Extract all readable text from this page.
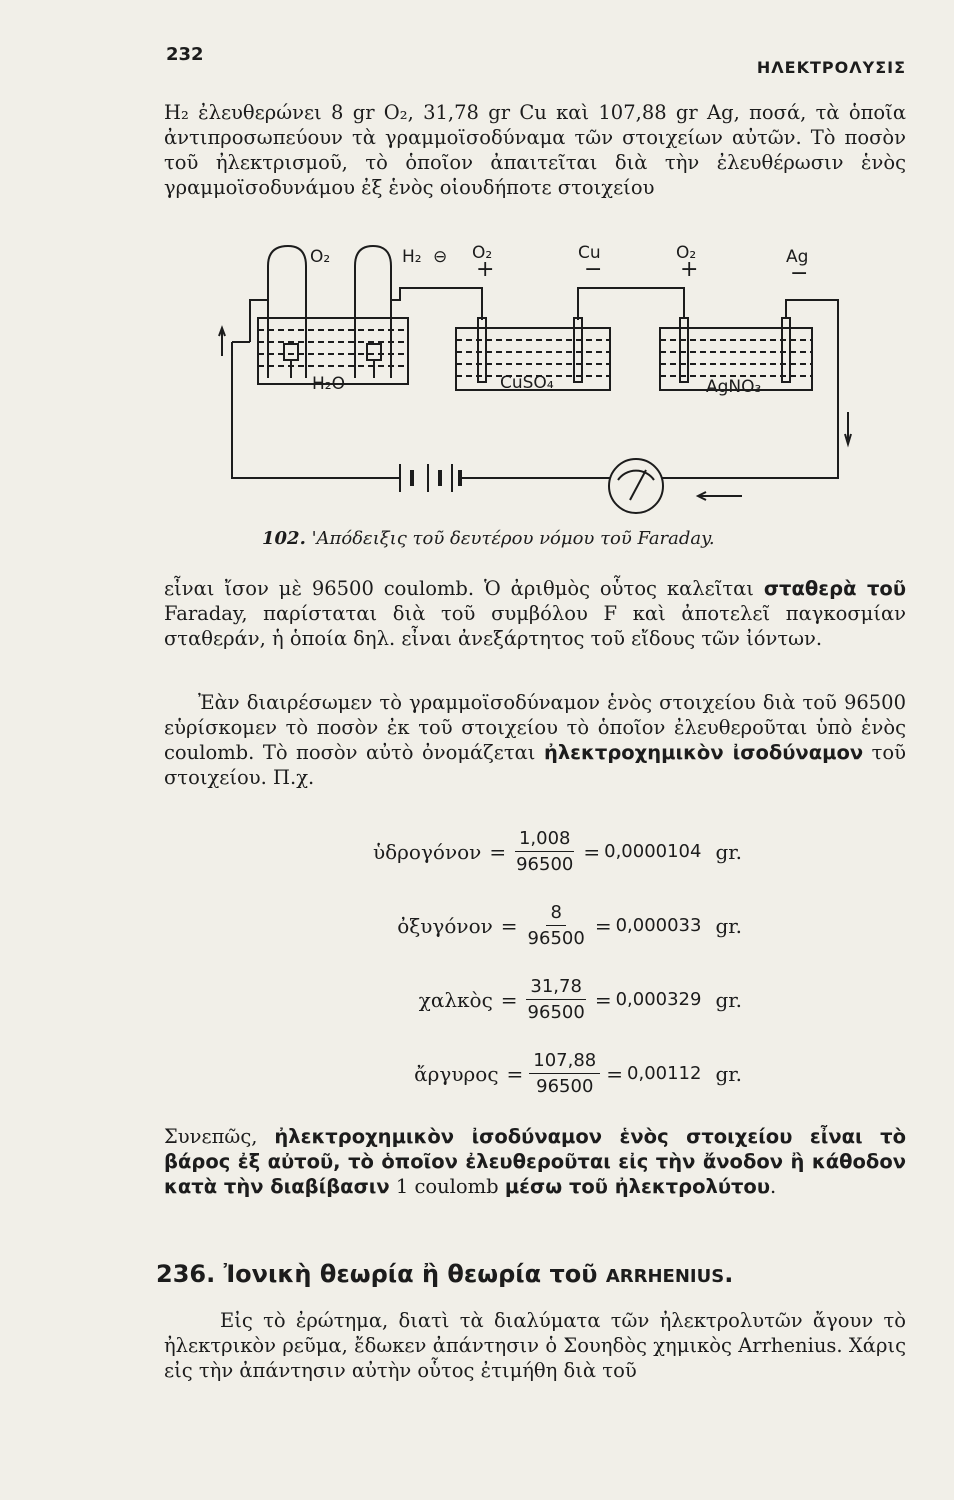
232
ΗΛΕΚΤΡΟΛΥΣΙΣ
H₂ ἐλευθερώνει 8 gr O₂, 31,78 gr Cu καὶ 107,88 gr Ag, ποσά, τὰ ὁποῖα ἀντιπροσωπεύουν τὰ γραμμοϊσοδύναμα τῶν στοιχείων αὐτῶν. Τὸ ποσὸν τοῦ ἠλεκτρισμοῦ, τὸ ὁποῖον ἀπαιτεῖται διὰ τὴν ἐλευθέρωσιν ἑνὸς γραμμοϊσοδυνάμου ἐξ ἑνὸς οἱουδήποτε στοιχείου
O₂	H₂ ⊖ O₂
+
Cu
−
O₂
+	Ag
−
H₂O	CuSO₄	AgNO₃
102. 'Απόδειξις τοῦ δευτέρου νόμου τοῦ Faraday.
εἶναι ἴσον μὲ 96500 coulomb. Ὁ ἀριθμὸς οὗτος καλεῖται σταθερὰ τοῦ Faraday, παρίσταται διὰ τοῦ συμβόλου F καὶ ἀποτελεῖ παγκοσμίαν σταθεράν, ἡ ὁποία δηλ. εἶναι ἀνεξάρτητος τοῦ εἴδους τῶν ἰόντων.
Ἐὰν διαιρέσωμεν τὸ γραμμοϊσοδύναμον ἑνὸς στοιχείου διὰ τοῦ 96500 εὑρίσκομεν τὸ ποσὸν ἐκ τοῦ στοιχείου τὸ ὁποῖον ἐλευθεροῦται ὑπὸ ἑνὸς coulomb. Τὸ ποσὸν αὐτὸ ὀνομάζεται ἠλεκτροχημικὸν ἰσοδύναμον τοῦ στοιχείου. Π.χ.
ὑδρογόνον = $\frac{1,008}{96500} = 0,0000104$ gr.
ὀξυγόνον = $\frac{8}{96500} = 0,000033$ gr.
χαλκὸς = $\frac{31,78}{96500} = 0,000329$ gr.
ἄργυρος = $\frac{107,88}{96500} = 0,00112$ gr.
Συνεπῶς, ἠλεκτροχημικὸν ἰσοδύναμον ἑνὸς στοιχείου εἶναι τὸ βάρος ἐξ αὐτοῦ, τὸ ὁποῖον ἐλευθεροῦται εἰς τὴν ἄνοδον ἢ κάθοδον κατὰ τὴν διαβίβασιν 1 coulomb μέσω τοῦ ἠλεκτρολύτου.
236. Ἰονικὴ θεωρία ἢ θεωρία τοῦ ARRHENIUS.
Εἰς τὸ ἐρώτημα, διατὶ τὰ διαλύματα τῶν ἠλεκτρολυτῶν ἄγουν τὸ ἠλεκτρικὸν ρεῦμα, ἔδωκεν ἀπάντησιν ὁ Σουηδὸς χημικὸς Arrhenius. Χάρις εἰς τὴν ἀπάντησιν αὐτὴν οὗτος ἐτιμήθη διὰ τοῦ
